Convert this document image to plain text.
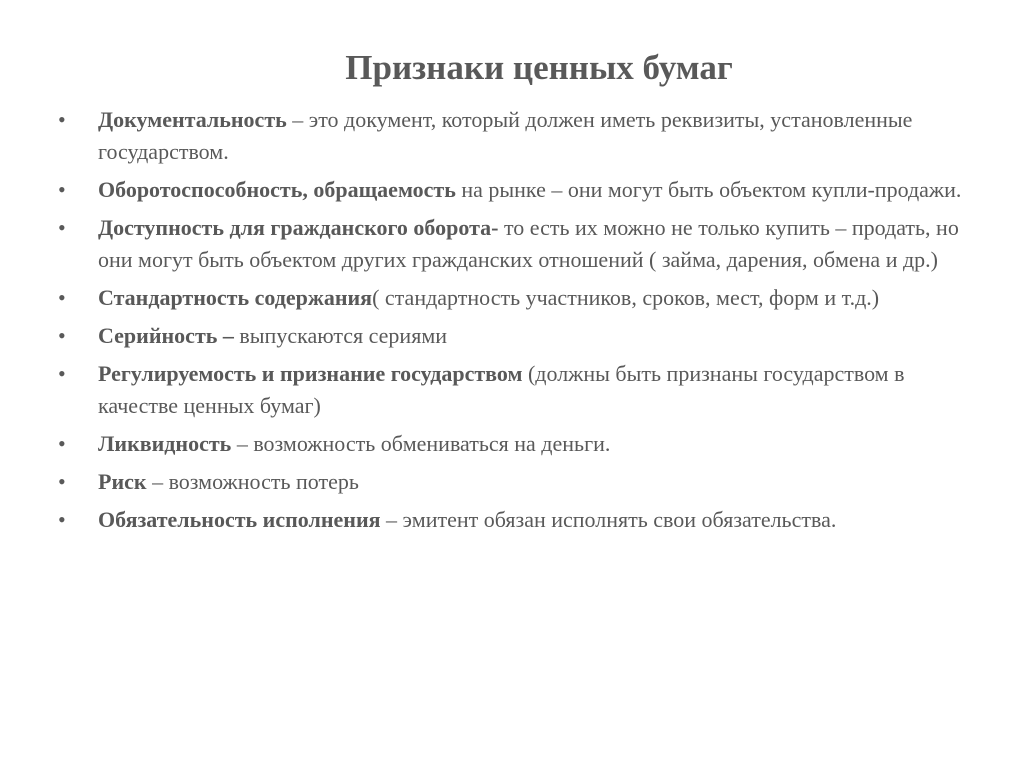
Признаки ценных бумаг
•	Документальность – это документ, который должен иметь реквизиты, установленные государством.
•	Оборотоспособность, обращаемость на рынке – они могут быть объектом купли-продажи.
•	Доступность для гражданского оборота- то есть их можно не только купить – продать, но они могут быть объектом других гражданских отношений ( займа, дарения, обмена и др.)
•	Стандартность содержания( стандартность участников, сроков, мест, форм и т.д.)
•	Серийность – выпускаются сериями
•	Регулируемость и признание государством (должны быть признаны государством в качестве ценных бумаг)
•	Ликвидность – возможность обмениваться на деньги.
•	Риск – возможность потерь
•	Обязательность исполнения – эмитент обязан исполнять свои обязательства.
